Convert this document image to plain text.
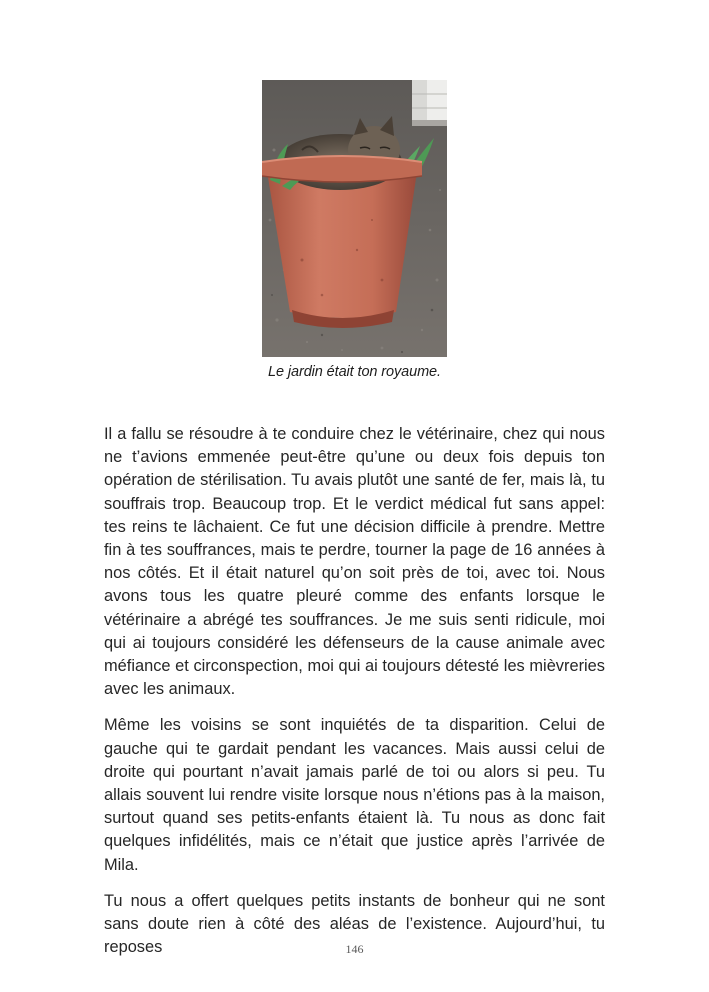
Le jardin était ton royaume.

Il a fallu se résoudre à te conduire chez le vétérinaire, chez qui nous ne t’avions emmenée peut-être qu’une ou deux fois depuis ton opération de stérilisation. Tu avais plutôt une santé de fer, mais là, tu souffrais trop. Beaucoup trop. Et le verdict médical fut sans appel: tes reins te lâchaient. Ce fut une décision difficile à prendre. Mettre fin à tes souffrances, mais te perdre, tourner la page de 16 années à nos côtés. Et il était naturel qu’on soit près de toi, avec toi. Nous avons tous les quatre pleuré comme des enfants lorsque le vétérinaire a abrégé tes souffrances. Je me suis senti ridicule, moi qui ai toujours considéré les défenseurs de la cause animale avec méfiance et circonspection, moi qui ai toujours détesté les mièvreries avec les animaux.

Même les voisins se sont inquiétés de ta disparition. Celui de gauche qui te gardait pendant les vacances. Mais aussi celui de droite qui pourtant n’avait jamais parlé de toi ou alors si peu. Tu allais souvent lui rendre visite lorsque nous n’étions pas à la maison, surtout quand ses petits-enfants étaient là. Tu nous as donc fait quelques infidélités, mais ce n’était que justice après l’arrivée de Mila.

Tu nous a offert quelques petits instants de bonheur qui ne sont sans doute rien à côté des aléas de l’existence. Aujourd’hui, tu reposes	146
